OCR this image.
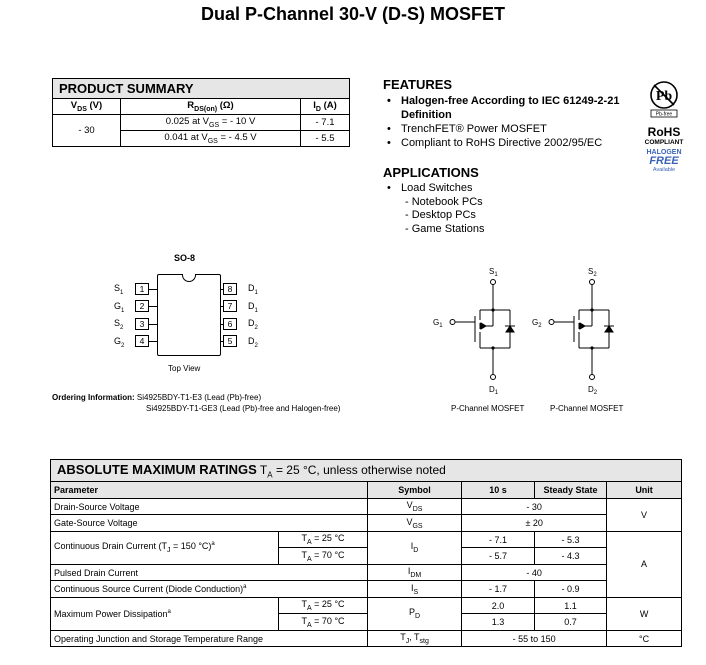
Dual P-Channel 30-V (D-S) MOSFET
PRODUCT SUMMARY		
$V_{DS}$ (V)	$R_{DS(on)}$ (Ω)	$I_D$ (A)
- 30	0.025 at $V_{GS}$ = - 10 V	- 7.1
	0.041 at $V_{GS}$ = - 4.5 V	- 5.5
FEATURES
• Halogen-free According to IEC 61249-2-21 Definition
• TrenchFET® Power MOSFET
• Compliant to RoHS Directive 2002/95/EC
Pb
Pb-free
RoHS
COMPLIANT
HALOGEN
FREE
Available
APPLICATIONS
• Load Switches
- Notebook PCs
- Desktop PCs
- Game Stations
SO-8
$S_1$	1
$G_1$	2
$S_2$	3
$G_2$	4
8	$D_1$
7	$D_1$
6	$D_2$
5	$D_2$
Top View
Ordering Information: Si4925BDY-T1-E3 (Lead (Pb)-free)
Si4925BDY-T1-GE3 (Lead (Pb)-free and Halogen-free)
$S_1$
$G_1$
$D_1$
P-Channel MOSFET
$S_2$
$G_2$
$D_2$
P-Channel MOSFET
ABSOLUTE MAXIMUM RATINGS $T_A = 25$ °C, unless otherwise noted					
Parameter		Symbol	10 s	Steady State	Unit
Drain-Source Voltage		$V_{DS}$	- 30		V
Gate-Source Voltage		$V_{GS}$	± 20		
Continuous Drain Current ($T_J = 150$ °C)$^a$	$T_A = 25$ °C	$I_D$	- 7.1	- 5.3	A
	$T_A = 70$ °C		- 5.7	- 4.3	
Pulsed Drain Current		$I_{DM}$	- 40		
Continuous Source Current (Diode Conduction)$^a$		$I_S$	- 1.7	- 0.9	
Maximum Power Dissipation$^a$	$T_A = 25$ °C	$P_D$	2.0	1.1	W
	$T_A = 70$ °C		1.3	0.7	
Operating Junction and Storage Temperature Range		$T_J$, $T_{stg}$	- 55 to 150		°C
